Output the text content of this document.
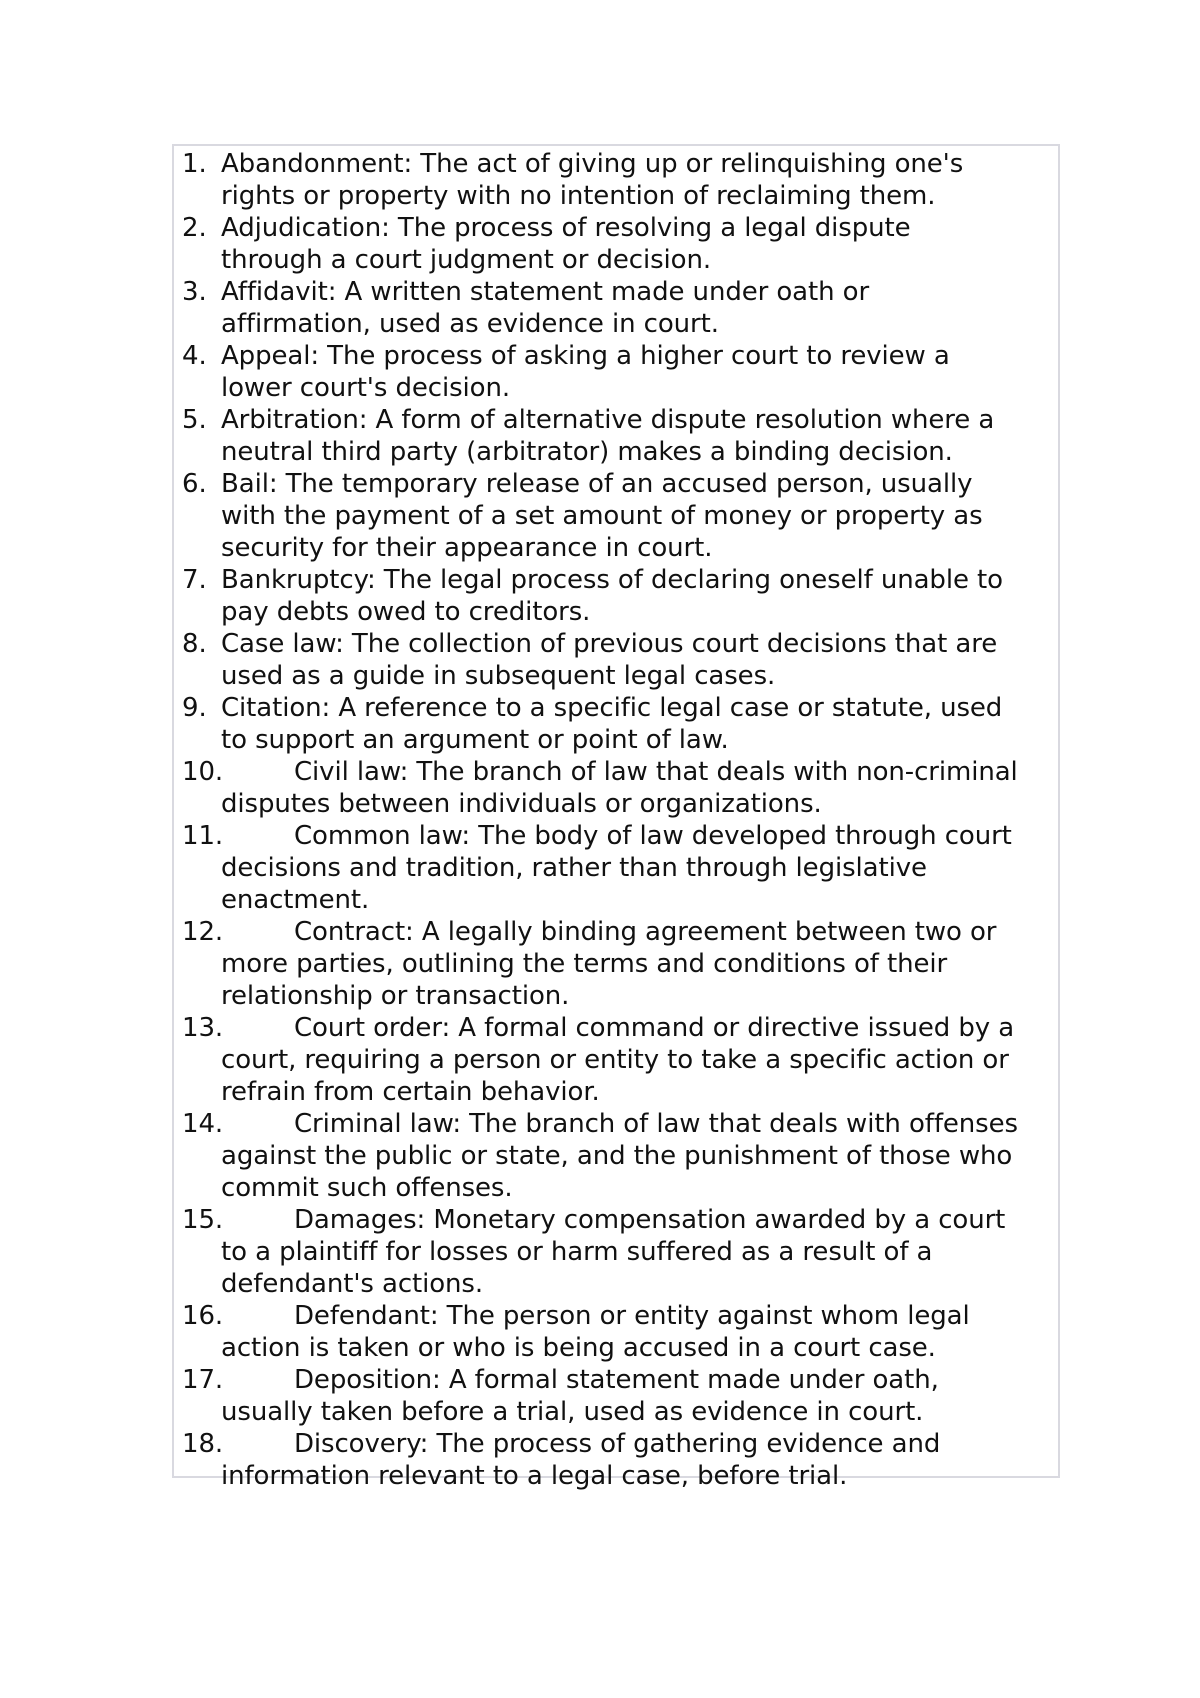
1. Abandonment: The act of giving up or relinquishing one's
rights or property with no intention of reclaiming them.
2. Adjudication: The process of resolving a legal dispute
through a court judgment or decision.
3. Affidavit: A written statement made under oath or
affirmation, used as evidence in court.
4. Appeal: The process of asking a higher court to review a
lower court's decision.
5. Arbitration: A form of alternative dispute resolution where a
neutral third party (arbitrator) makes a binding decision.
6. Bail: The temporary release of an accused person, usually
with the payment of a set amount of money or property as
security for their appearance in court.
7. Bankruptcy: The legal process of declaring oneself unable to
pay debts owed to creditors.
8. Case law: The collection of previous court decisions that are
used as a guide in subsequent legal cases.
9. Citation: A reference to a specific legal case or statute, used
to support an argument or point of law.
10.	Civil law: The branch of law that deals with non-criminal
disputes between individuals or organizations.
11.	Common law: The body of law developed through court
decisions and tradition, rather than through legislative
enactment.
12.	Contract: A legally binding agreement between two or
more parties, outlining the terms and conditions of their
relationship or transaction.
13.	Court order: A formal command or directive issued by a
court, requiring a person or entity to take a specific action or
refrain from certain behavior.
14.	Criminal law: The branch of law that deals with offenses
against the public or state, and the punishment of those who
commit such offenses.
15.	Damages: Monetary compensation awarded by a court
to a plaintiff for losses or harm suffered as a result of a
defendant's actions.
16.	Defendant: The person or entity against whom legal
action is taken or who is being accused in a court case.
17.	Deposition: A formal statement made under oath,
usually taken before a trial, used as evidence in court.
18.	Discovery: The process of gathering evidence and
information relevant to a legal case, before trial.
